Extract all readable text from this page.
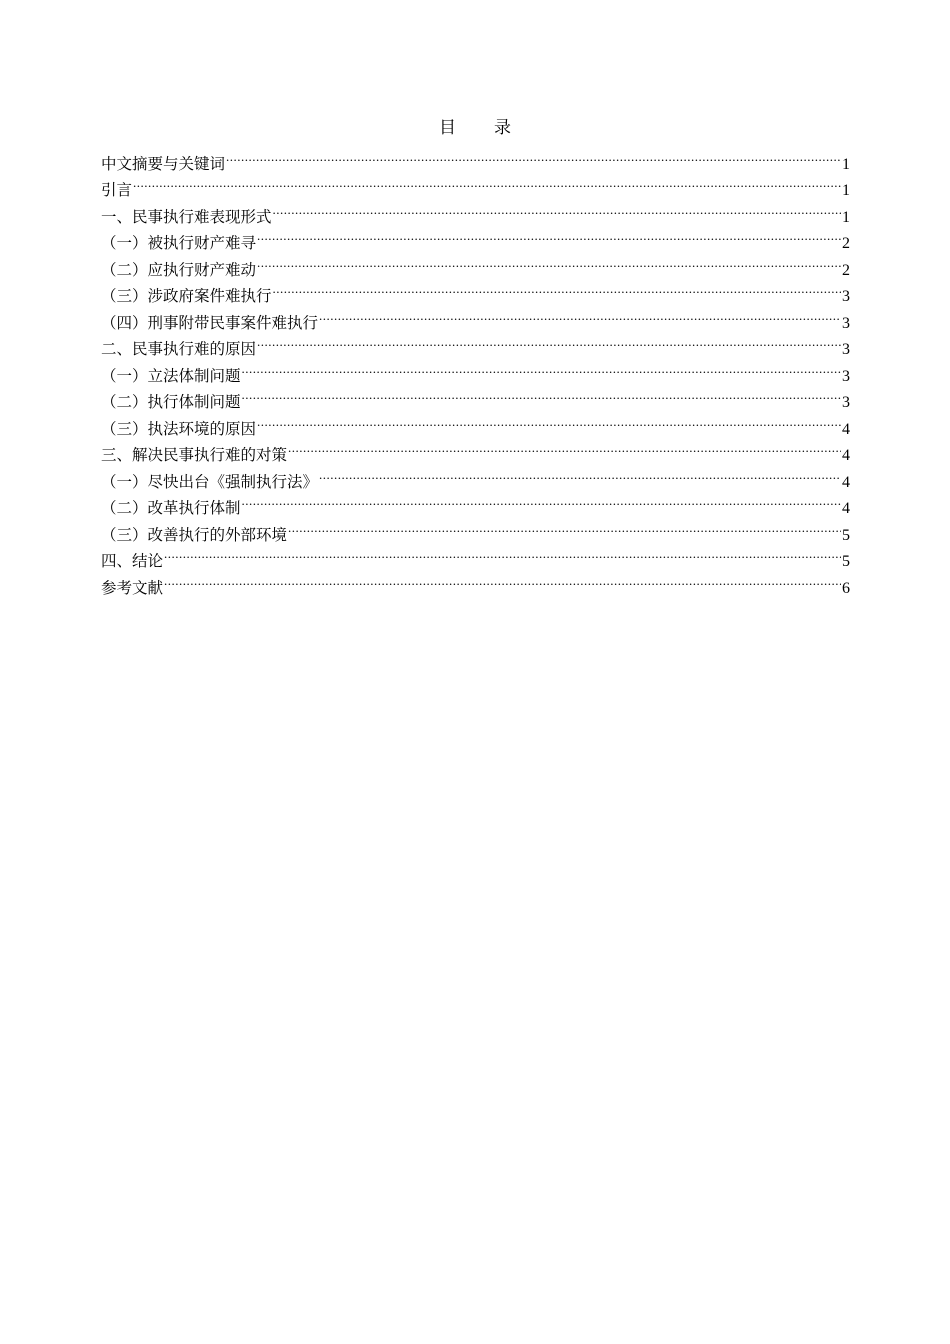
目录
中文摘要与关键词 .....	1
引言 .....	1
一、民事执行难表现形式 .....	1
（一）被执行财产难寻 .....	2
（二）应执行财产难动 .....	2
（三）涉政府案件难执行 .....	3
（四）刑事附带民事案件难执行 .....	3
二、民事执行难的原因 .....	3
（一）立法体制问题 .....	3
（二）执行体制问题 .....	3
（三）执法环境的原因 .....	4
三、解决民事执行难的对策 .....	4
（一）尽快出台《强制执行法》 .....	4
（二）改革执行体制 .....	4
（三）改善执行的外部环境 .....	5
四、结论 .....	5
参考文献 .....	6
